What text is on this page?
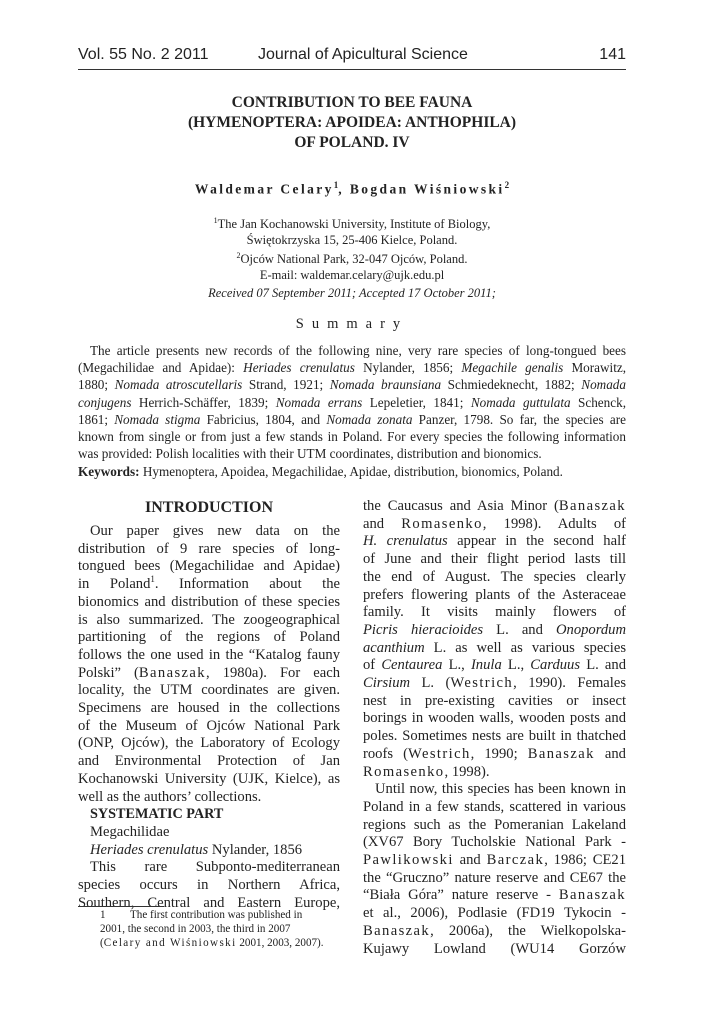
Vol. 55 No. 2 2011	Journal of Apicultural Science	141
CONTRIBUTION TO BEE FAUNA
(HYMENOPTERA: APOIDEA: ANTHOPHILA)
OF POLAND. IV
Waldemar Celary$^1$, Bogdan Wiśniowski$^2$
$^1$The Jan Kochanowski University, Institute of Biology,
Świętokrzyska 15, 25-406 Kielce, Poland.
$^2$Ojców National Park, 32-047 Ojców, Poland.
E-mail: waldemar.celary@ujk.edu.pl
Received 07 September 2011; Accepted 17 October 2011;
Summary
The article presents new records of the following nine, very rare species of long-tongued bees
(Megachilidae and Apidae): Heriades crenulatus Nylander, 1856; Megachile genalis Morawitz,
1880; Nomada atroscutellaris Strand, 1921; Nomada braunsiana Schmiedeknecht, 1882; Nomada
conjugens Herrich-Schäffer, 1839; Nomada errans Lepeletier, 1841; Nomada guttulata Schenck,
1861; Nomada stigma Fabricius, 1804, and Nomada zonata Panzer, 1798. So far, the species are
known from single or from just a few stands in Poland. For every species the following information
was provided: Polish localities with their UTM coordinates, distribution and bionomics.
Keywords: Hymenoptera, Apoidea, Megachilidae, Apidae, distribution, bionomics, Poland.
INTRODUCTION
Our paper gives new data on the
distribution of 9 rare species of long-
tongued bees (Megachilidae and Apidae)
in Poland$^1$. Information about the
bionomics and distribution of these species
is also summarized. The zoogeographical
partitioning of the regions of Poland
follows the one used in the “Katalog fauny
Polski” (Banaszak, 1980a). For each
locality, the UTM coordinates are given.
Specimens are housed in the collections
of the Museum of Ojców National Park
(ONP, Ojców), the Laboratory of Ecology
and Environmental Protection of Jan
Kochanowski University (UJK, Kielce), as
well as the authors’ collections.
SYSTEMATIC PART
Megachilidae
Heriades crenulatus Nylander, 1856
This rare Subponto-mediterranean
species occurs in Northern Africa,
Southern, Central and Eastern Europe,
1 The first contribution was published in
2001, the second in 2003, the third in 2007
(Celary and Wiśniowski 2001, 2003, 2007).
the Caucasus and Asia Minor (Banaszak
and Romasenko, 1998). Adults of
H. crenulatus appear in the second half
of June and their flight period lasts till
the end of August. The species clearly
prefers flowering plants of the Asteraceae
family. It visits mainly flowers of
Picris hieracioides L. and Onopordum
acanthium L. as well as various species
of Centaurea L., Inula L., Carduus L. and
Cirsium L. (Westrich, 1990). Females
nest in pre-existing cavities or insect
borings in wooden walls, wooden posts and
poles. Sometimes nests are built in thatched
roofs (Westrich, 1990; Banaszak and
Romasenko, 1998).
Until now, this species has been known in
Poland in a few stands, scattered in various
regions such as the Pomeranian Lakeland
(XV67 Bory Tucholskie National Park -
Pawlikowski and Barczak, 1986; CE21
the “Gruczno” nature reserve and CE67 the
“Biała Góra” nature reserve - Banaszak
et al., 2006), Podlasie (FD19 Tykocin -
Banaszak, 2006a), the Wielkopolska-
Kujawy Lowland (WU14 Gorzów
